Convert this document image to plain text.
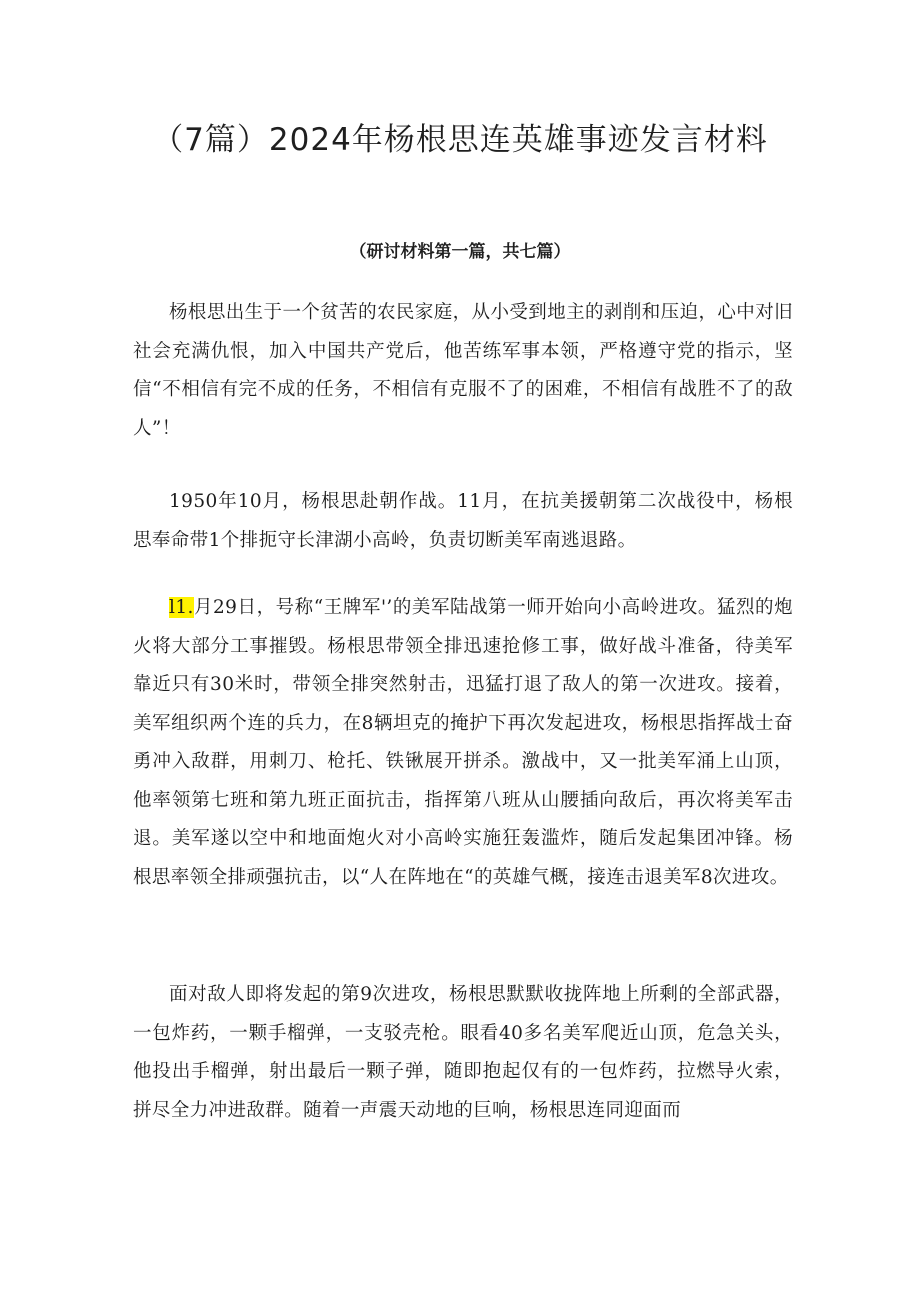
（7篇）2024年杨根思连英雄事迹发言材料
（研讨材料第一篇，共七篇）

杨根思出生于一个贫苦的农民家庭，从小受到地主的剥削和压迫，心中对旧社会充满仇恨，加入中国共产党后，他苦练军事本领，严格遵守党的指示，坚信“不相信有完不成的任务，不相信有克服不了的困难，不相信有战胜不了的敌人”！

1950年10月，杨根思赴朝作战。11月，在抗美援朝第二次战役中，杨根思奉命带1个排扼守长津湖小高岭，负责切断美军南逃退路。

l1.月29日，号称“王牌军'’的美军陆战第一师开始向小高岭进攻。猛烈的炮火将大部分工事摧毁。杨根思带领全排迅速抢修工事，做好战斗准备，待美军靠近只有30米时，带领全排突然射击，迅猛打退了敌人的第一次进攻。接着，美军组织两个连的兵力，在8辆坦克的掩护下再次发起进攻，杨根思指挥战士奋勇冲入敌群，用刺刀、枪托、铁锹展开拼杀。激战中，又一批美军涌上山顶，他率领第七班和第九班正面抗击，指挥第八班从山腰插向敌后，再次将美军击退。美军遂以空中和地面炮火对小高岭实施狂轰滥炸，随后发起集团冲锋。杨根思率领全排顽强抗击，以“人在阵地在“的英雄气概，接连击退美军8次进攻。

面对敌人即将发起的第9次进攻，杨根思默默收拢阵地上所剩的全部武器，一包炸药，一颗手榴弹，一支驳壳枪。眼看40多名美军爬近山顶，危急关头，他投出手榴弹，射出最后一颗子弹，随即抱起仅有的一包炸药，拉燃导火索，拼尽全力冲进敌群。随着一声震天动地的巨响，杨根思连同迎面而
